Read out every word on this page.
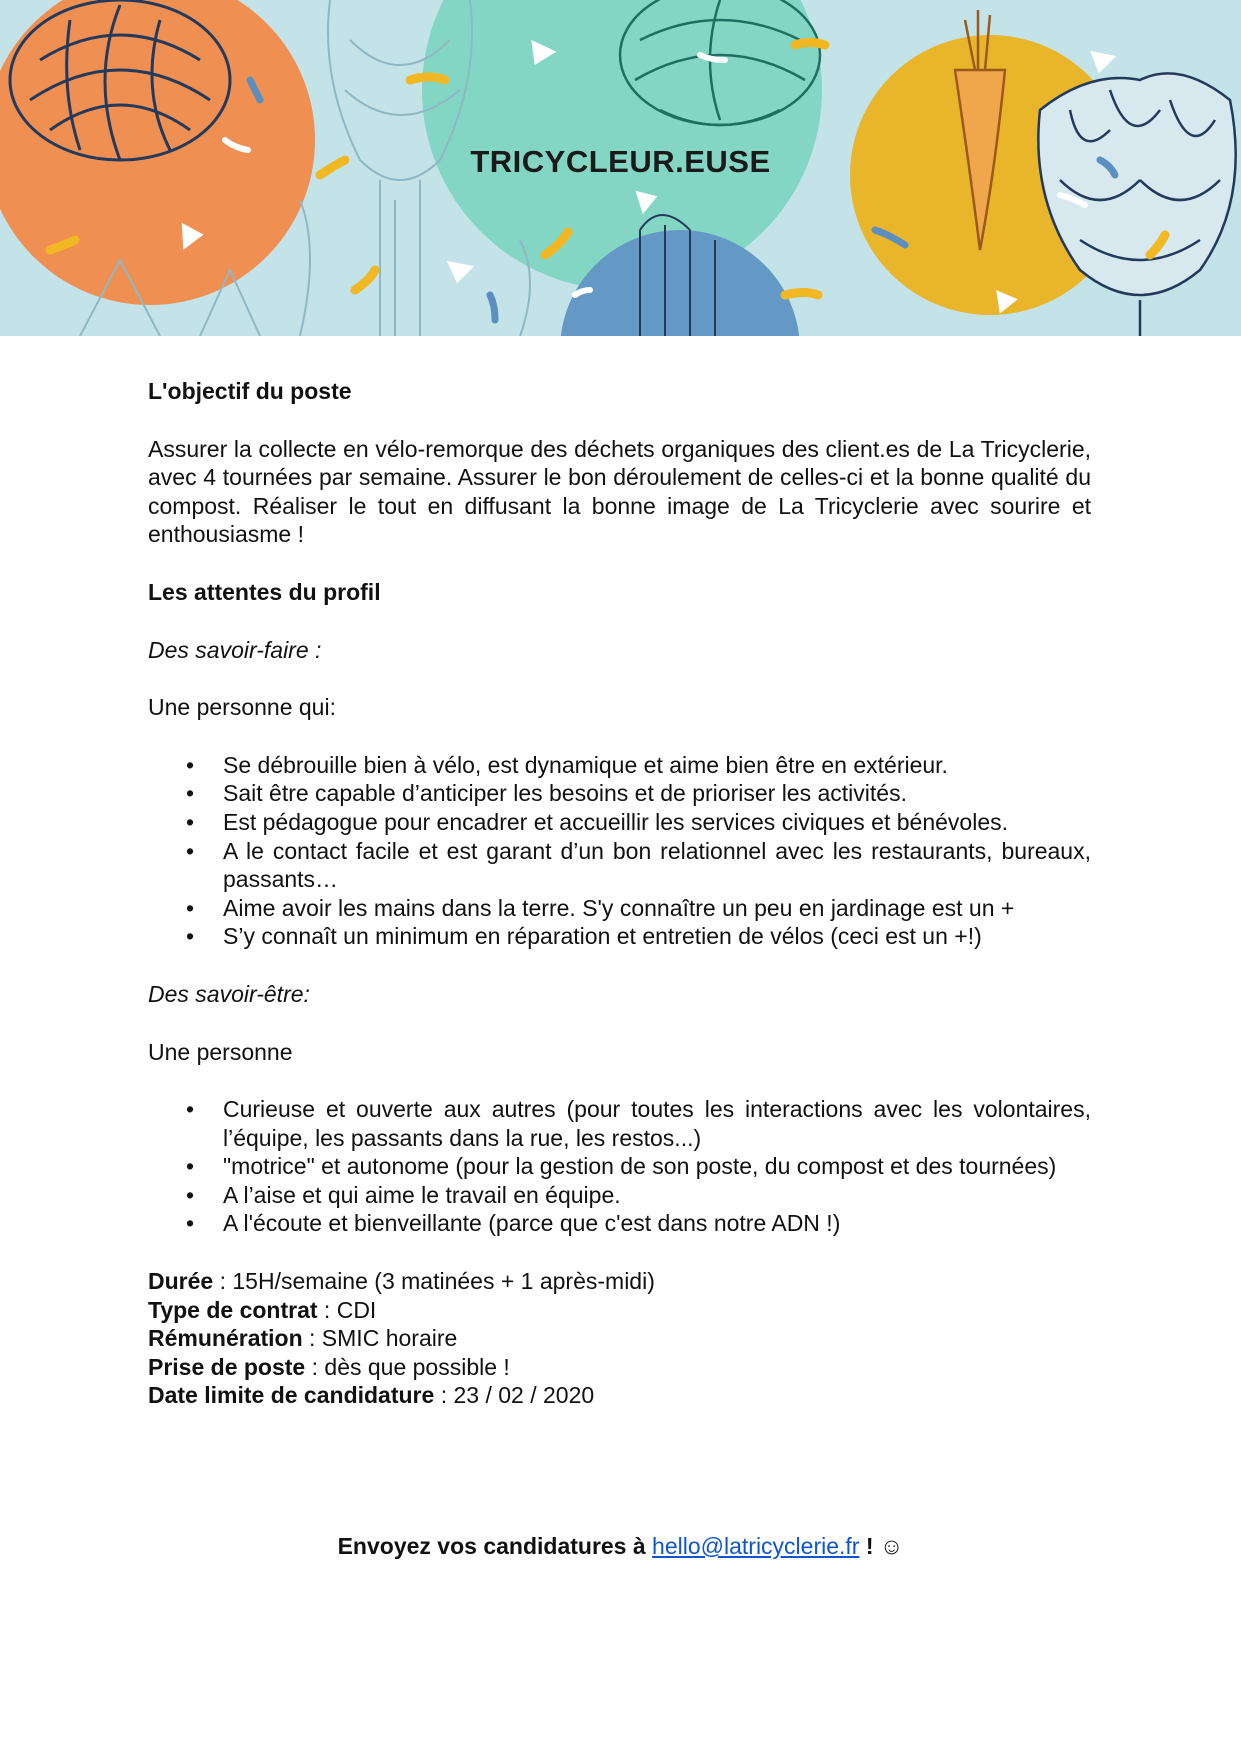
TRICYCLEUR.EUSE

L'objectif du poste

Assurer la collecte en vélo-remorque des déchets organiques des client.es de La Tricyclerie, avec 4 tournées par semaine. Assurer le bon déroulement de celles-ci et la bonne qualité du compost. Réaliser le tout en diffusant la bonne image de La Tricyclerie avec sourire et enthousiasme !

Les attentes du profil

Des savoir-faire :

Une personne qui:

• Se débrouille bien à vélo, est dynamique et aime bien être en extérieur.
• Sait être capable d’anticiper les besoins et de prioriser les activités.
• Est pédagogue pour encadrer et accueillir les services civiques et bénévoles.
• A le contact facile et est garant d’un bon relationnel avec les restaurants, bureaux, passants…
• Aime avoir les mains dans la terre. S'y connaître un peu en jardinage est un +
• S’y connaît un minimum en réparation et entretien de vélos (ceci est un +!)

Des savoir-être:

Une personne

• Curieuse et ouverte aux autres (pour toutes les interactions avec les volontaires, l’équipe, les passants dans la rue, les restos...)
• "motrice" et autonome (pour la gestion de son poste, du compost et des tournées)
• A l’aise et qui aime le travail en équipe.
• A l'écoute et bienveillante (parce que c'est dans notre ADN !)

Durée : 15H/semaine (3 matinées + 1 après-midi)

Type de contrat : CDI

Rémunération : SMIC horaire

Prise de poste : dès que possible !

Date limite de candidature : 23 / 02 / 2020

Envoyez vos candidatures à hello@latricyclerie.fr ! ☺
